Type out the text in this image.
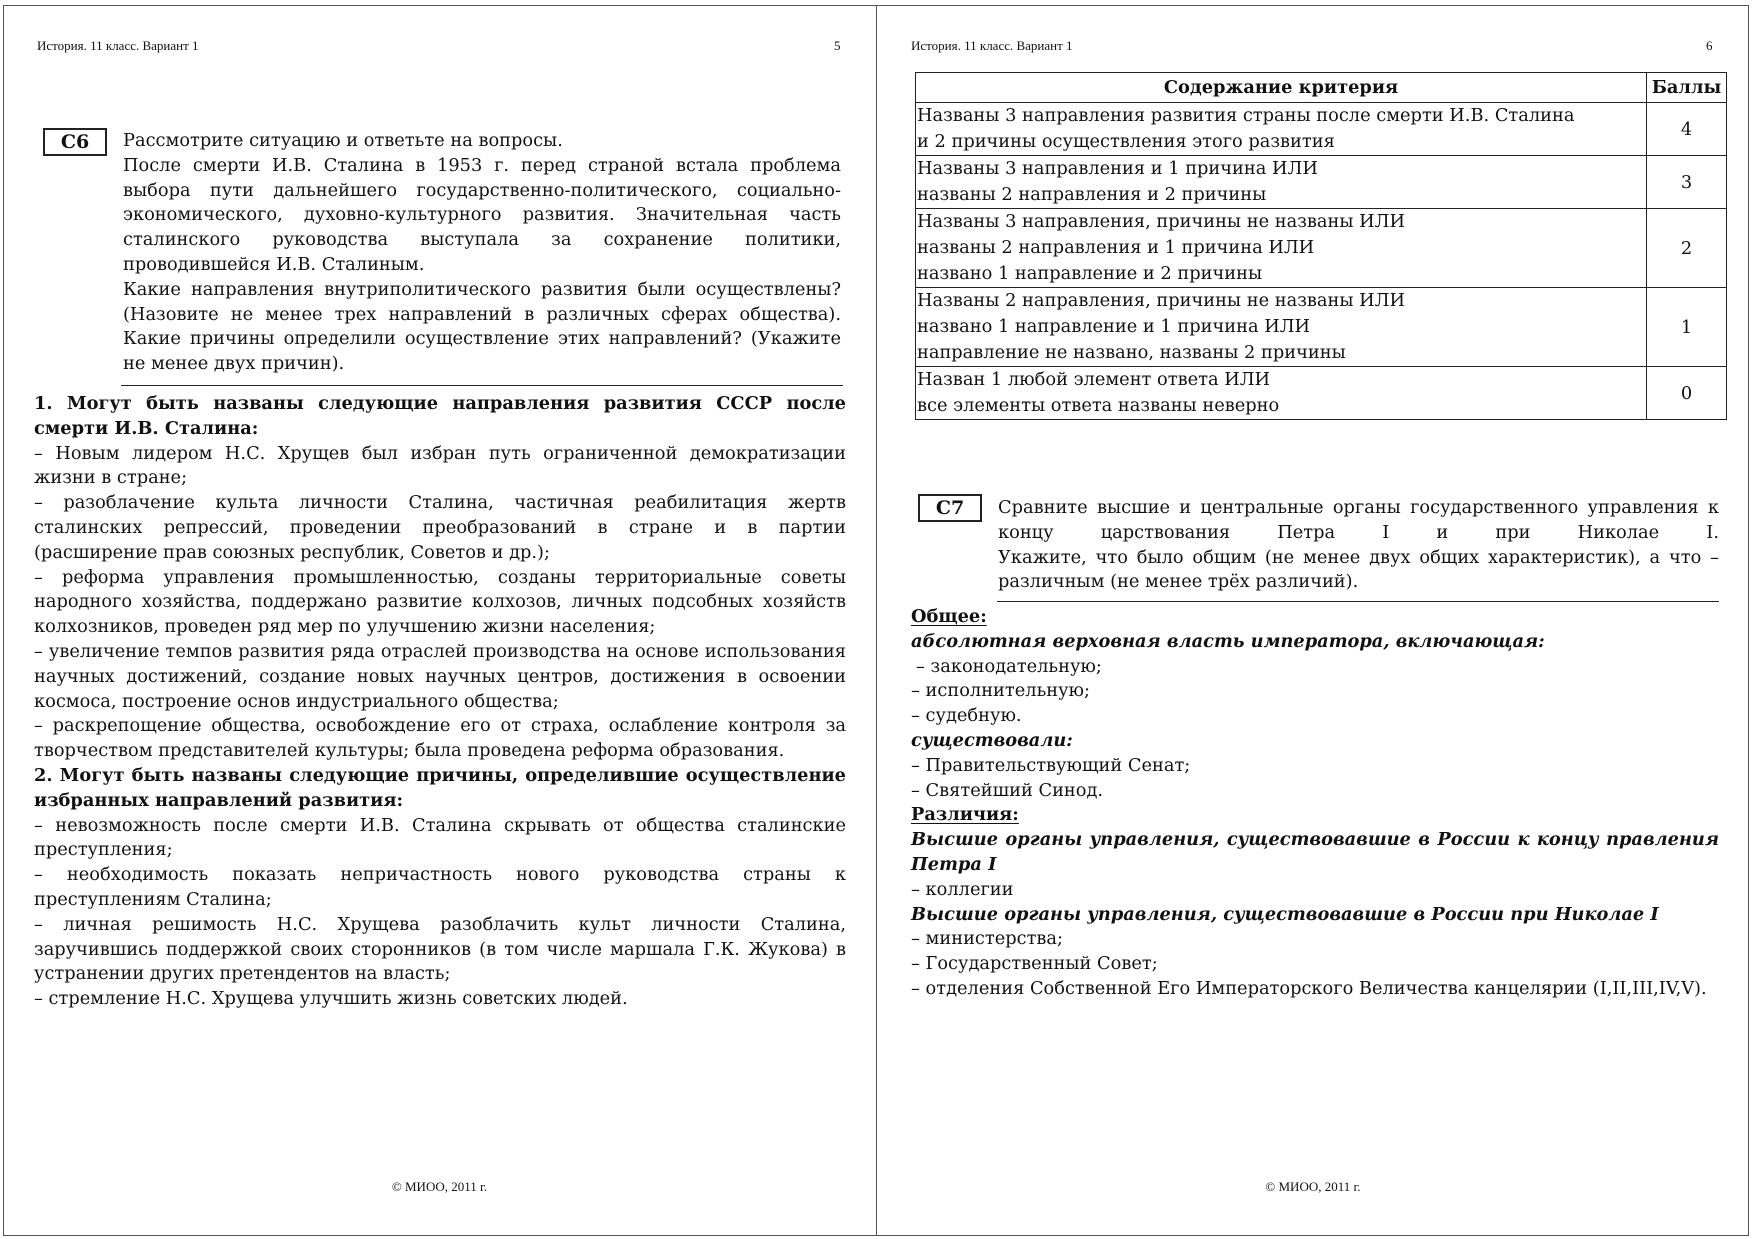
История. 11 класс. Вариант 1	5
C6	Рассмотрите ситуацию и ответьте на вопросы.
После смерти И.В. Сталина в 1953 г. перед страной встала проблема выбора пути дальнейшего государственно-политического, социально-экономического, духовно-культурного развития. Значительная часть сталинского руководства выступала за сохранение политики, проводившейся И.В. Сталиным.
Какие направления внутриполитического развития были осуществлены? (Назовите не менее трех направлений в различных сферах общества). Какие причины определили осуществление этих направлений? (Укажите не менее двух причин).

1. Могут быть названы следующие направления развития СССР после смерти И.В. Сталина:

– Новым лидером Н.С. Хрущев был избран путь ограниченной демократизации жизни в стране;

– разоблачение культа личности Сталина, частичная реабилитация жертв сталинских репрессий, проведении преобразований в стране и в партии (расширение прав союзных республик, Советов и др.);

– реформа управления промышленностью, созданы территориальные советы народного хозяйства, поддержано развитие колхозов, личных подсобных хозяйств колхозников, проведен ряд мер по улучшению жизни населения;

– увеличение темпов развития ряда отраслей производства на основе использования научных достижений, создание новых научных центров, достижения в освоении космоса, построение основ индустриального общества;

– раскрепощение общества, освобождение его от страха, ослабление контроля за творчеством представителей культуры; была проведена реформа образования.

2. Могут быть названы следующие причины, определившие осуществление избранных направлений развития:

– невозможность после смерти И.В. Сталина скрывать от общества сталинские преступления;

– необходимость показать непричастность нового руководства страны к преступлениям Сталина;

– личная решимость Н.С. Хрущева разоблачить культ личности Сталина, заручившись поддержкой своих сторонников (в том числе маршала Г.К. Жукова) в устранении других претендентов на власть;

– стремление Н.С. Хрущева улучшить жизнь советских людей.

© МИОО, 2011 г.
История. 11 класс. Вариант 1	6
Содержание критерия	Баллы

Названы 3 направления развития страны после смерти И.В. Сталина
и 2 причины осуществления этого развития	4

Названы 3 направления и 1 причина ИЛИ
названы 2 направления и 2 причины	3

Названы 3 направления, причины не названы ИЛИ
названы 2 направления и 1 причина ИЛИ
названо 1 направление и 2 причины	2

Названы 2 направления, причины не названы ИЛИ
названо 1 направление и 1 причина ИЛИ
направление не названо, названы 2 причины	1

Назван 1 любой элемент ответа ИЛИ
все элементы ответа названы неверно	0
C7	Сравните высшие и центральные органы государственного управления к концу царствования Петра I и при Николае I.
Укажите, что было общим (не менее двух общих характеристик), а что – различным (не менее трёх различий).

Общее:

абсолютная верховная власть императора, включающая:

– законодательную;

– исполнительную;

– судебную.

существовали:

– Правительствующий Сенат;

– Святейший Синод.

Различия:

Высшие органы управления, существовавшие в России к концу правления Петра I

– коллегии

Высшие органы управления, существовавшие в России при Николае I

– министерства;

– Государственный Совет;

– отделения Собственной Его Императорского Величества канцелярии (I,II,III,IV,V).

© МИОО, 2011 г.
